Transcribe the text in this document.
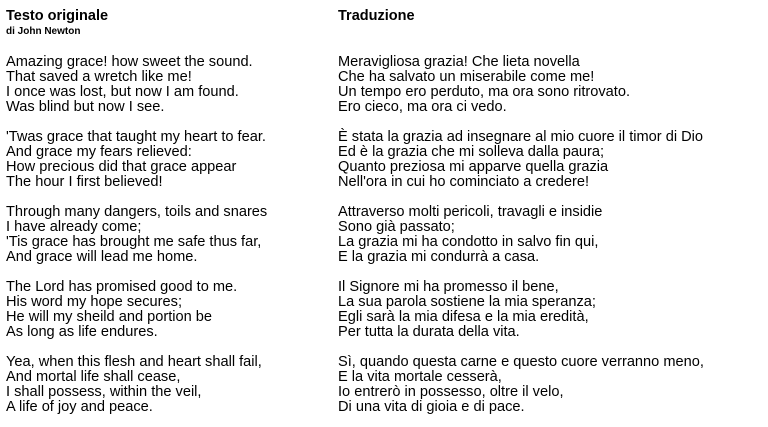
Testo originale
di John Newton
Amazing grace! how sweet the sound.
That saved a wretch like me!
I once was lost, but now I am found.
Was blind but now I see.
'Twas grace that taught my heart to fear.
And grace my fears relieved:
How precious did that grace appear
The hour I first believed!
Through many dangers, toils and snares
I have already come;
'Tis grace has brought me safe thus far,
And grace will lead me home.
The Lord has promised good to me.
His word my hope secures;
He will my sheild and portion be
As long as life endures.
Yea, when this flesh and heart shall fail,
And mortal life shall cease,
I shall possess, within the veil,
A life of joy and peace.
Traduzione
Meravigliosa grazia! Che lieta novella
Che ha salvato un miserabile come me!
Un tempo ero perduto, ma ora sono ritrovato.
Ero cieco, ma ora ci vedo.
È stata la grazia ad insegnare al mio cuore il timor di Dio
Ed è la grazia che mi solleva dalla paura;
Quanto preziosa mi apparve quella grazia
Nell'ora in cui ho cominciato a credere!
Attraverso molti pericoli, travagli e insidie
Sono già passato;
La grazia mi ha condotto in salvo fin qui,
E la grazia mi condurrà a casa.
Il Signore mi ha promesso il bene,
La sua parola sostiene la mia speranza;
Egli sarà la mia difesa e la mia eredità,
Per tutta la durata della vita.
Sì, quando questa carne e questo cuore verranno meno,
E la vita mortale cesserà,
Io entrerò in possesso, oltre il velo,
Di una vita di gioia e di pace.
